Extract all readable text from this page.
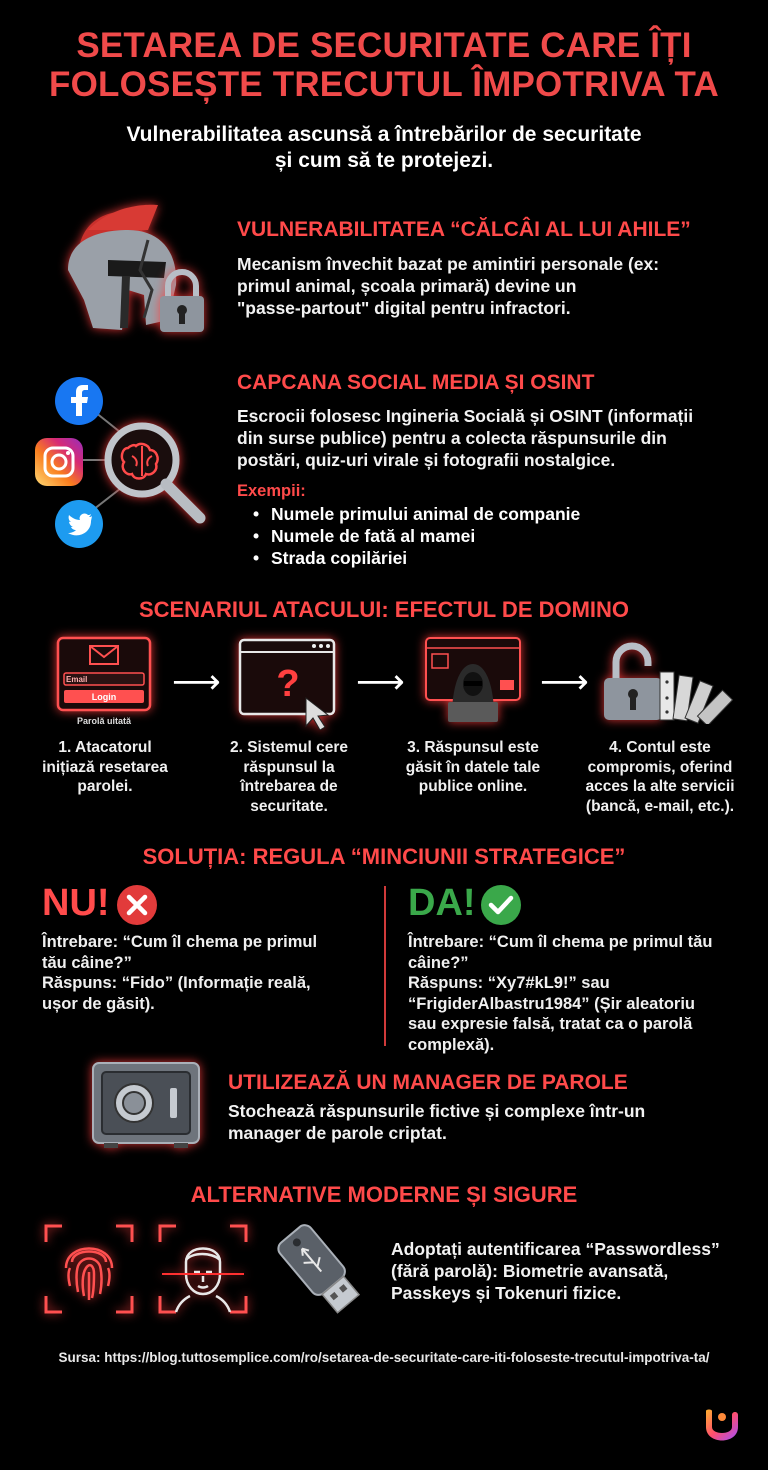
SETAREA DE SECURITATE CARE ÎȚI
FOLOSEȘTE TRECUTUL ÎMPOTRIVA TA
Vulnerabilitatea ascunsă a întrebărilor de securitate
și cum să te protejezi.
VULNERABILITATEA “CĂLCÂI AL LUI AHILE”
Mecanism învechit bazat pe amintiri personale (ex:
primul animal, școala primară) devine un
"passe-partout" digital pentru infractori.
CAPCANA SOCIAL MEDIA ȘI OSINT
Escrocii folosesc Ingineria Socială și OSINT (informații
din surse publice) pentru a colecta răspunsurile din
postări, quiz-uri virale și fotografii nostalgice.
Exempii:
• Numele primului animal de companie
• Numele de fată al mamei
• Strada copilăriei
SCENARIUL ATACULUI: EFECTUL DE DOMINO
Email
Login
Parolă uitată
⟶ ? ⟶	⟶
1. Atacatorul
inițiază resetarea
parolei.
2. Sistemul cere
răspunsul la
întrebarea de
securitate.
3. Răspunsul este
găsit în datele tale
publice online.
4. Contul este
compromis, oferind
acces la alte servicii
(bancă, e-mail, etc.).
SOLUȚIA: REGULA “MINCIUNII STRATEGICE”
NU!
Întrebare: “Cum îl chema pe primul
tău câine?”
Răspuns: “Fido” (Informație reală,
ușor de găsit).
DA!
Întrebare: “Cum îl chema pe primul tău
câine?”
Răspuns: “Xy7#kL9!” sau
“FrigiderAlbastru1984” (Șir aleatoriu
sau expresie falsă, tratat ca o parolă
complexă).
UTILIZEAZĂ UN MANAGER DE PAROLE
Stochează răspunsurile fictive și complexe într-un
manager de parole criptat.
ALTERNATIVE MODERNE ȘI SIGURE
Adoptați autentificarea “Passwordless”
(fără parolă): Biometrie avansată,
Passkeys și Tokenuri fizice.
Sursa: https://blog.tuttosemplice.com/ro/setarea-de-securitate-care-iti-foloseste-trecutul-impotriva-ta/
